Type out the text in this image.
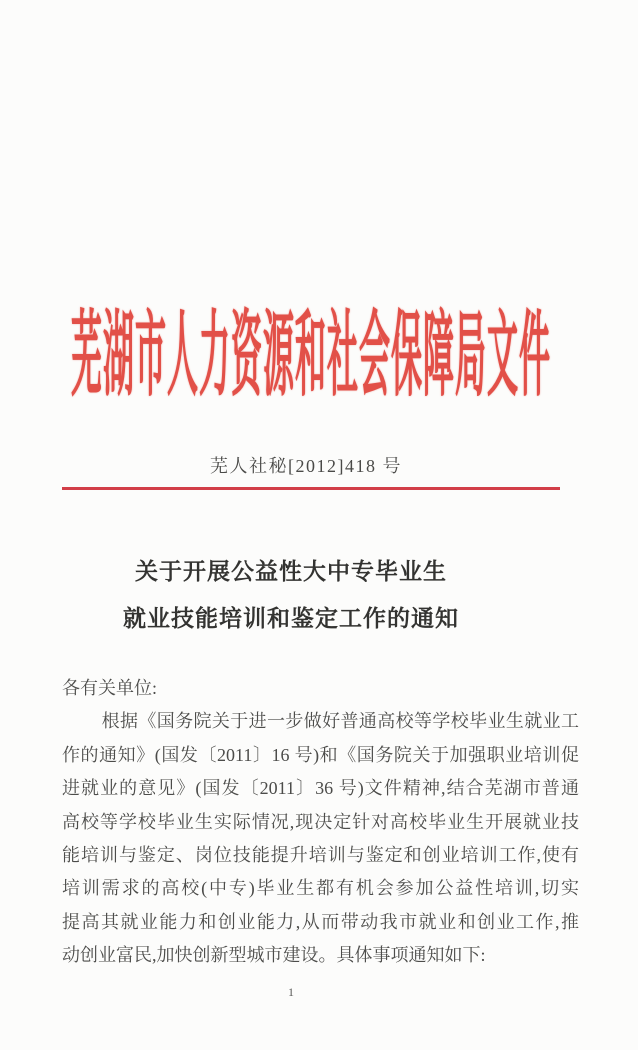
芜湖市人力资源和社会保障局文件
芜人社秘[2012]418 号
关于开展公益性大中专毕业生
就业技能培训和鉴定工作的通知
各有关单位:
根据《国务院关于进一步做好普通高校等学校毕业生就业工
作的通知》(国发〔2011〕16 号)和《国务院关于加强职业培训促
进就业的意见》(国发〔2011〕36 号)文件精神,结合芜湖市普通
高校等学校毕业生实际情况,现决定针对高校毕业生开展就业技
能培训与鉴定、岗位技能提升培训与鉴定和创业培训工作,使有
培训需求的高校(中专)毕业生都有机会参加公益性培训,切实
提高其就业能力和创业能力,从而带动我市就业和创业工作,推
动创业富民,加快创新型城市建设。具体事项通知如下:
1
